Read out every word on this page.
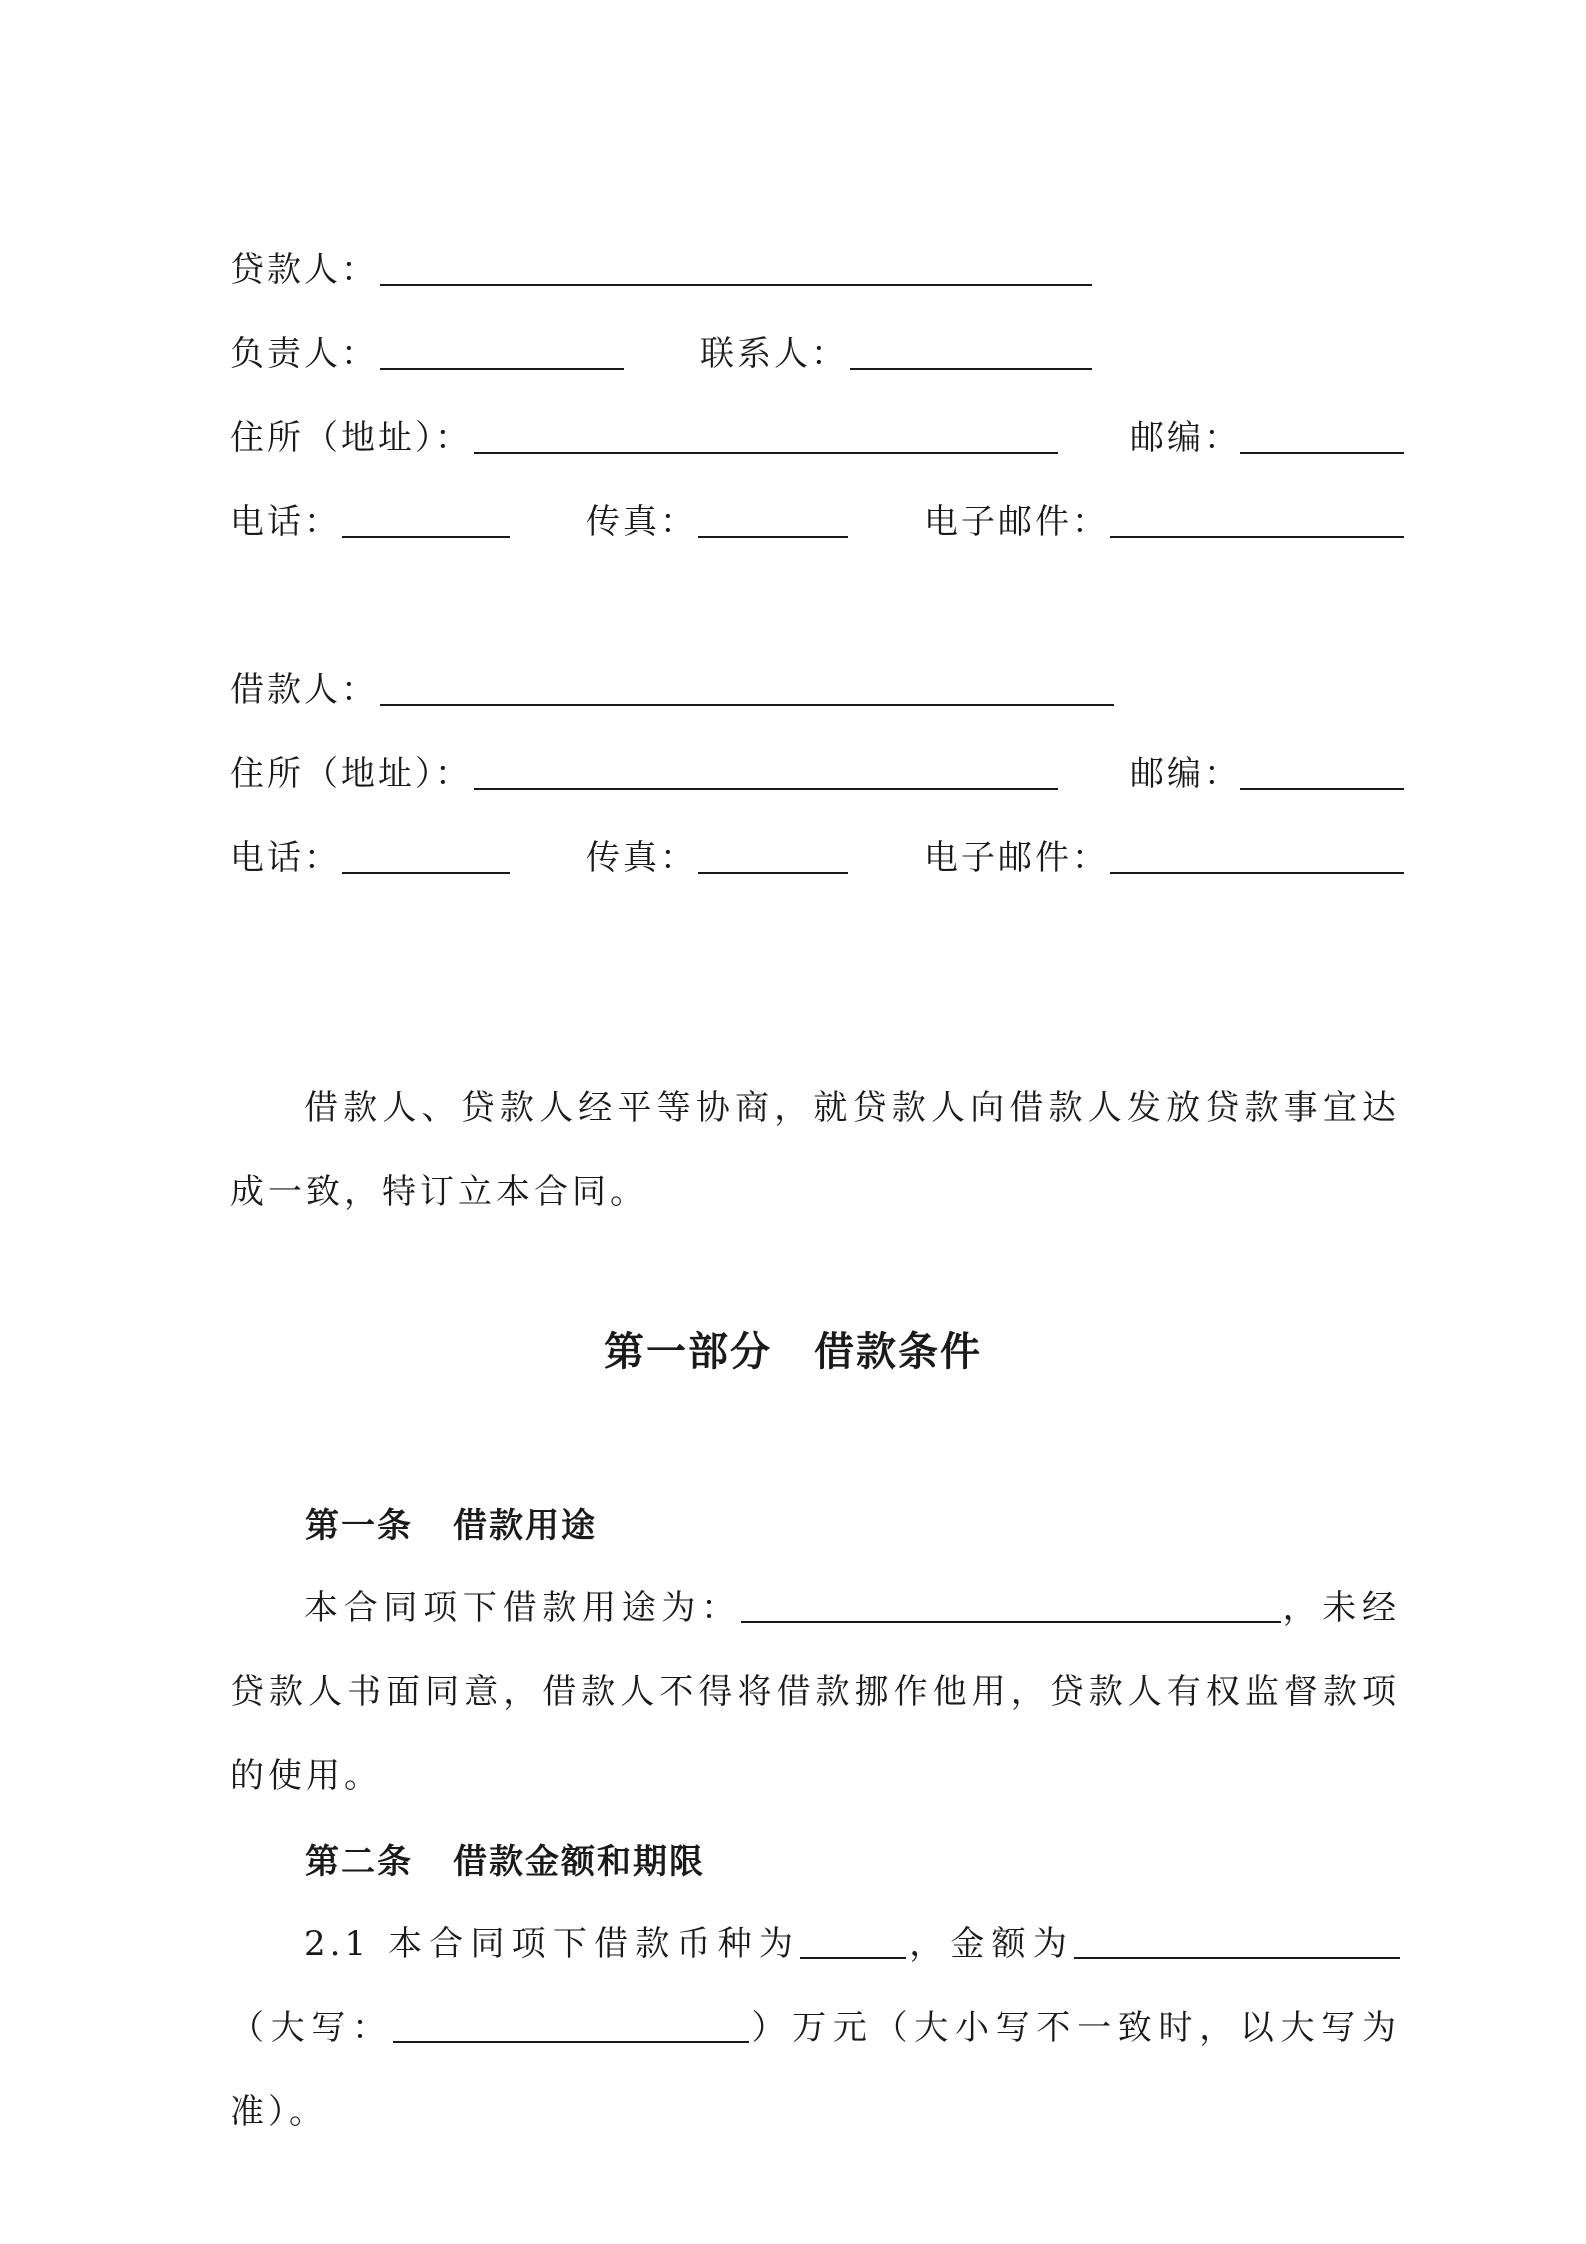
贷款人：
负责人：	联系人：
住所（地址）：	邮编：
电话：	传真：	电子邮件：
借款人：
住所（地址）：	邮编：
电话：	传真：	电子邮件：
借款人、贷款人经平等协商，就贷款人向借款人发放贷款事宜达成一致，特订立本合同。
第一部分　借款条件
第一条 借款用途
本合同项下借款用途为：	，未经贷款人书面同意，借款人不得将借款挪作他用，贷款人有权监督款项的使用。
第二条 借款金额和期限
2.1 本合同项下借款币种为	，金额为（大写：	）万元（大小写不一致时，以大写为准）。
